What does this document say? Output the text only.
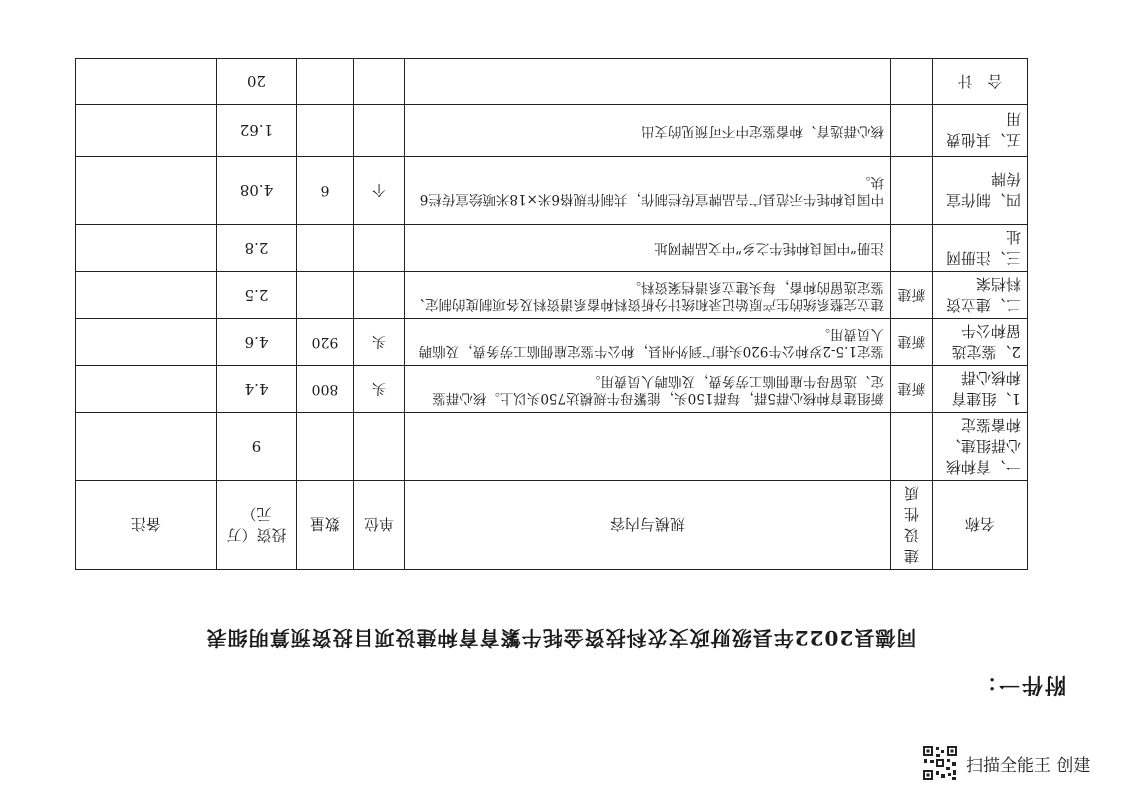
附件一：
同德县2022年县级财政支农科技资金牦牛繁育育种建设项目投资预算明细表
名称	建设性质	规模与内容	单位	数量	投资（万元）	备注
一、育种核心群组建、种畜鉴定					9	
1、组建育种核心群	新建	新组建育种核心群5群，每群150头，能繁母牛规模达750头以上。核心群鉴定、选留母牛雇佣临工劳务费，及临聘人员费用。	头	800	4.4	
2、鉴定选留种公牛	新建	鉴定1.5-2岁种公牛920头推广到外州县，种公牛鉴定雇佣临工劳务费，及临聘人员费用。	头	920	4.6	
二、建立资料档案	新建	建立完整系统的生产原始记录和统计分析资料种畜系谱资料及各项制度的制定、鉴定选留的种畜，每头建立系谱档案资料。			2.5	
三、注册网址		注册“中国良种牦牛之乡”中文品牌网址			2.8	
四、制作宣传牌		中国良种牦牛示范县广告品牌宣传栏制作，共制作规格6米×18米喷绘宣传栏6块。	个	6	4.08	
五、其他费用		核心群选育、种畜鉴定中不可预见的支出			1.62	
合　计					20	
扫描全能王 创建
